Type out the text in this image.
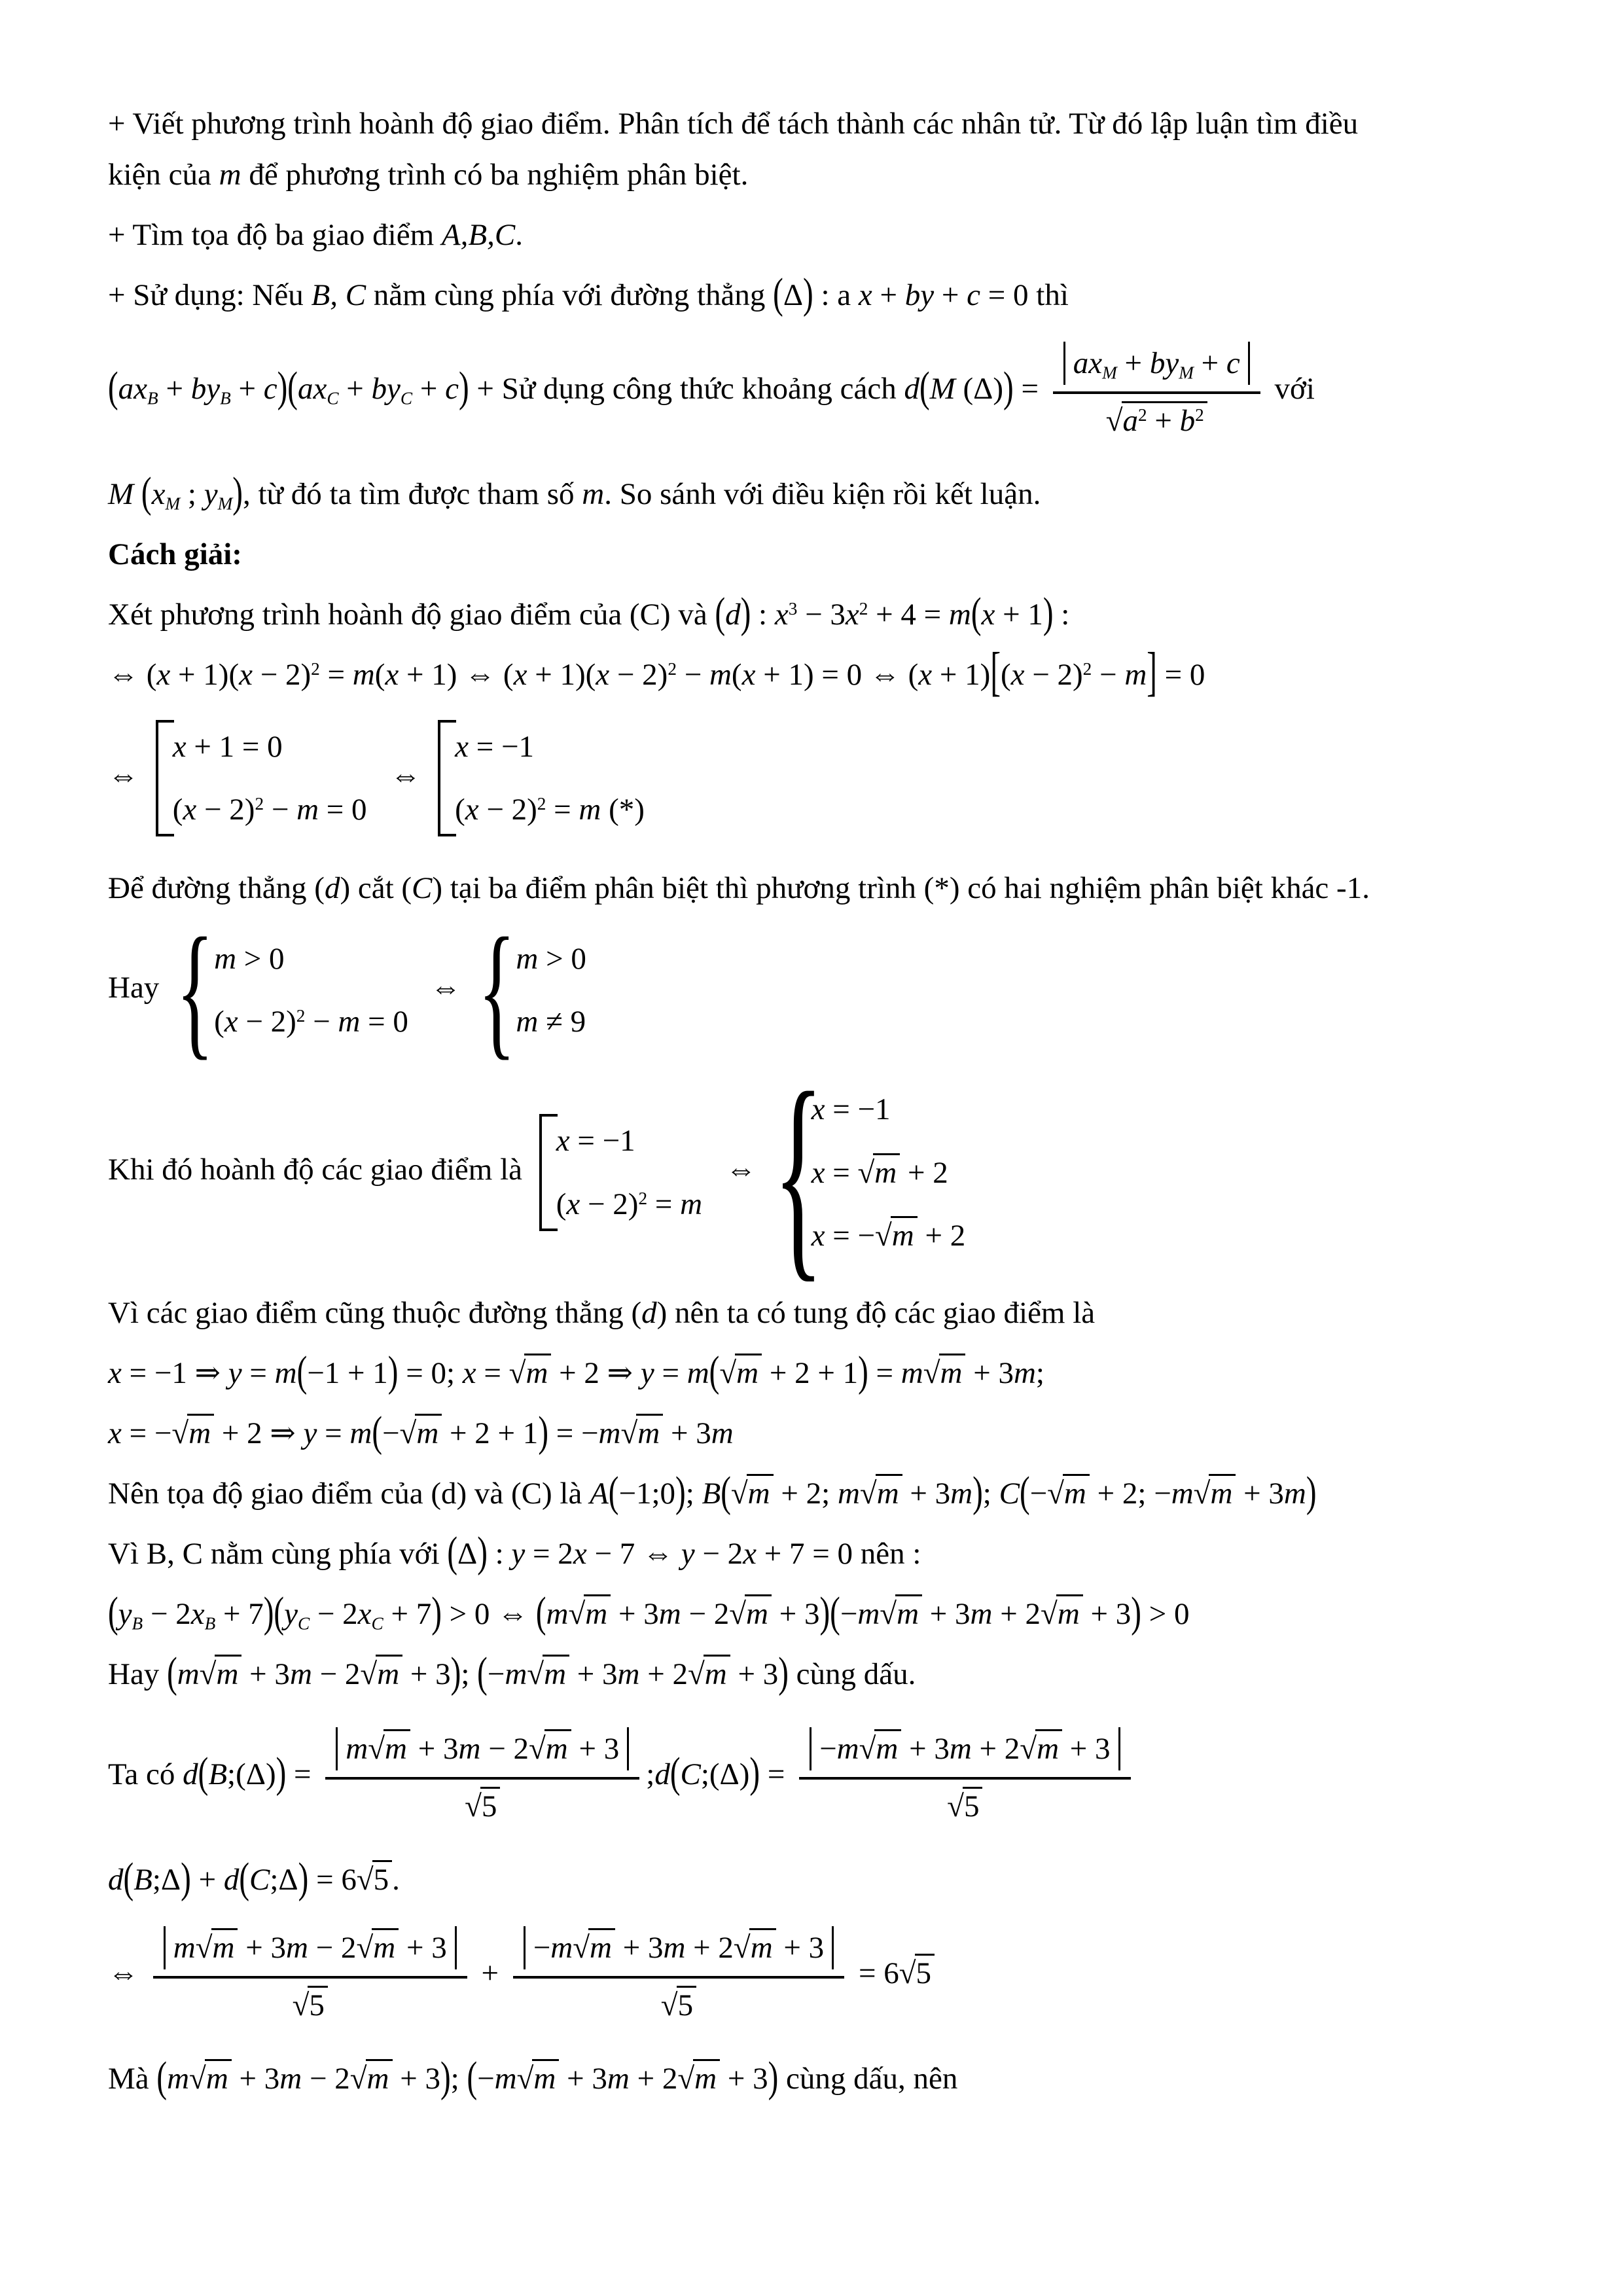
+ Viết phương trình hoành độ giao điểm. Phân tích để tách thành các nhân tử. Từ đó lập luận tìm điều
kiện của m để phương trình có ba nghiệm phân biệt.
+ Tìm tọa độ ba giao điểm A,B,C.
+ Sử dụng: Nếu B, C nằm cùng phía với đường thẳng (Δ) : a x + by + c = 0 thì
$(ax_B + by_B + c)(ax_C + by_C + c)$ + Sử dụng công thức khoảng cách d(M $(\Delta)) = \frac{ax_M + by_M + c}{√a^2 + b^2}$ với
M ($x_M$ ; $y_M$), từ đó ta tìm được tham số m. So sánh với điều kiện rồi kết luận.
Cách giải:
Xét phương trình hoành độ giao điểm của (C) và (d) : $x^3 - 3x^2 + 4 = m(x + 1)$ :
⇔ $(x + 1)(x - 2)^2 = m(x + 1)$ ⇔ $(x + 1)(x - 2)^2 - m(x + 1) = 0$ ⇔ $(x + 1)[(x - 2)^2 - m] = 0$
⇔
x + 1 = 0
$(x - 2)^2 - m = 0$
⇔
x = −1
$(x - 2)^2 = m$ (*)
Để đường thẳng (d) cắt (C) tại ba điểm phân biệt thì phương trình (*) có hai nghiệm phân biệt khác -1.
Hay
{ m > 0
$(x - 2)^2 - m = 0$
⇔
{ m > 0
m ≠ 9
Khi đó hoành độ các giao điểm là
x = −1
$(x - 2)^2 = m$
⇔
{ x = −1
x = √m + 2
x = −√m + 2
Vì các giao điểm cũng thuộc đường thẳng (d) nên ta có tung độ các giao điểm là
x = −1 ⇒ y = m(−1 + 1) = 0; x = √m + 2 ⇒ y = m(√m + 2 + 1) = m√m + 3m;
x = −√m + 2 ⇒ y = m(−√m + 2 + 1) = −m√m + 3m
Nên tọa độ giao điểm của (d) và (C) là A(−1;0); B(√m + 2; m√m + 3m); C(−√m + 2; −m√m + 3m)
Vì B, C nằm cùng phía với (Δ) : y = 2x − 7 ⇔ y − 2x + 7 = 0 nên :
$(y_B - 2x_B + 7)(y_C - 2x_C + 7) > 0$ ⇔ (m√m + 3m − 2√m + 3)(−m√m + 3m + 2√m + 3) > 0
Hay (m√m + 3m − 2√m + 3); (−m√m + 3m + 2√m + 3) cùng dấu.
Ta có d(B;(Δ)) = $\frac{m√m + 3m - 2√m + 3}{√5}$ ;d(C;(Δ)) = $\frac{-m√m + 3m + 2√m + 3}{√5}$
d(B;Δ) + d(C;Δ) = 6√5 .
⇔ $\frac{m√m + 3m - 2√m + 3}{√5} + \frac{-m√m + 3m + 2√m + 3}{√5} = 6√5$
Mà (m√m + 3m − 2√m + 3); (−m√m + 3m + 2√m + 3) cùng dấu, nên
